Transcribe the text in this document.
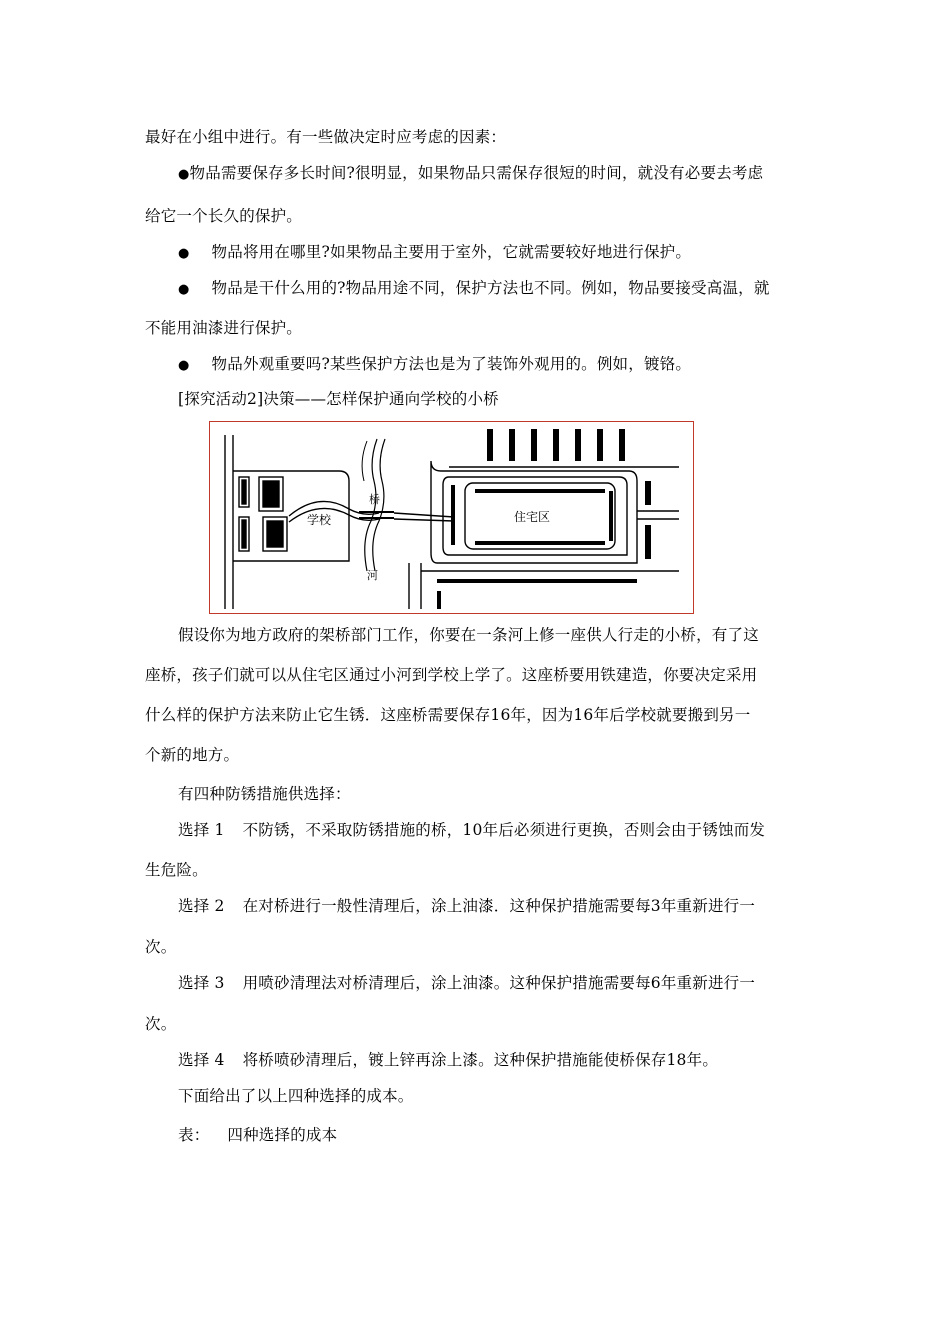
最好在小组中进行。有一些做决定时应考虑的因素：
●物品需要保存多长时间?很明显，如果物品只需保存很短的时间，就没有必要去考虑
给它一个长久的保护。
● 物品将用在哪里?如果物品主要用于室外，它就需要较好地进行保护。
● 物品是干什么用的?物品用途不同，保护方法也不同。例如，物品要接受高温，就
不能用油漆进行保护。
● 物品外观重要吗?某些保护方法也是为了装饰外观用的。例如，镀铬。
[探究活动2]决策——怎样保护通向学校的小桥
学校
桥
河
住宅区
假设你为地方政府的架桥部门工作，你要在一条河上修一座供人行走的小桥，有了这
座桥，孩子们就可以从住宅区通过小河到学校上学了。这座桥要用铁建造，你要决定采用
什么样的保护方法来防止它生锈．这座桥需要保存16年，因为16年后学校就要搬到另一
个新的地方。
有四种防锈措施供选择：
选择 1 不防锈，不采取防锈措施的桥，10年后必须进行更换，否则会由于锈蚀而发
生危险。
选择 2 在对桥进行一般性清理后，涂上油漆．这种保护措施需要每3年重新进行一
次。
选择 3 用喷砂清理法对桥清理后，涂上油漆。这种保护措施需要每6年重新进行一
次。
选择 4 将桥喷砂清理后，镀上锌再涂上漆。这种保护措施能使桥保存18年。
下面给出了以上四种选择的成本。
表： 四种选择的成本
